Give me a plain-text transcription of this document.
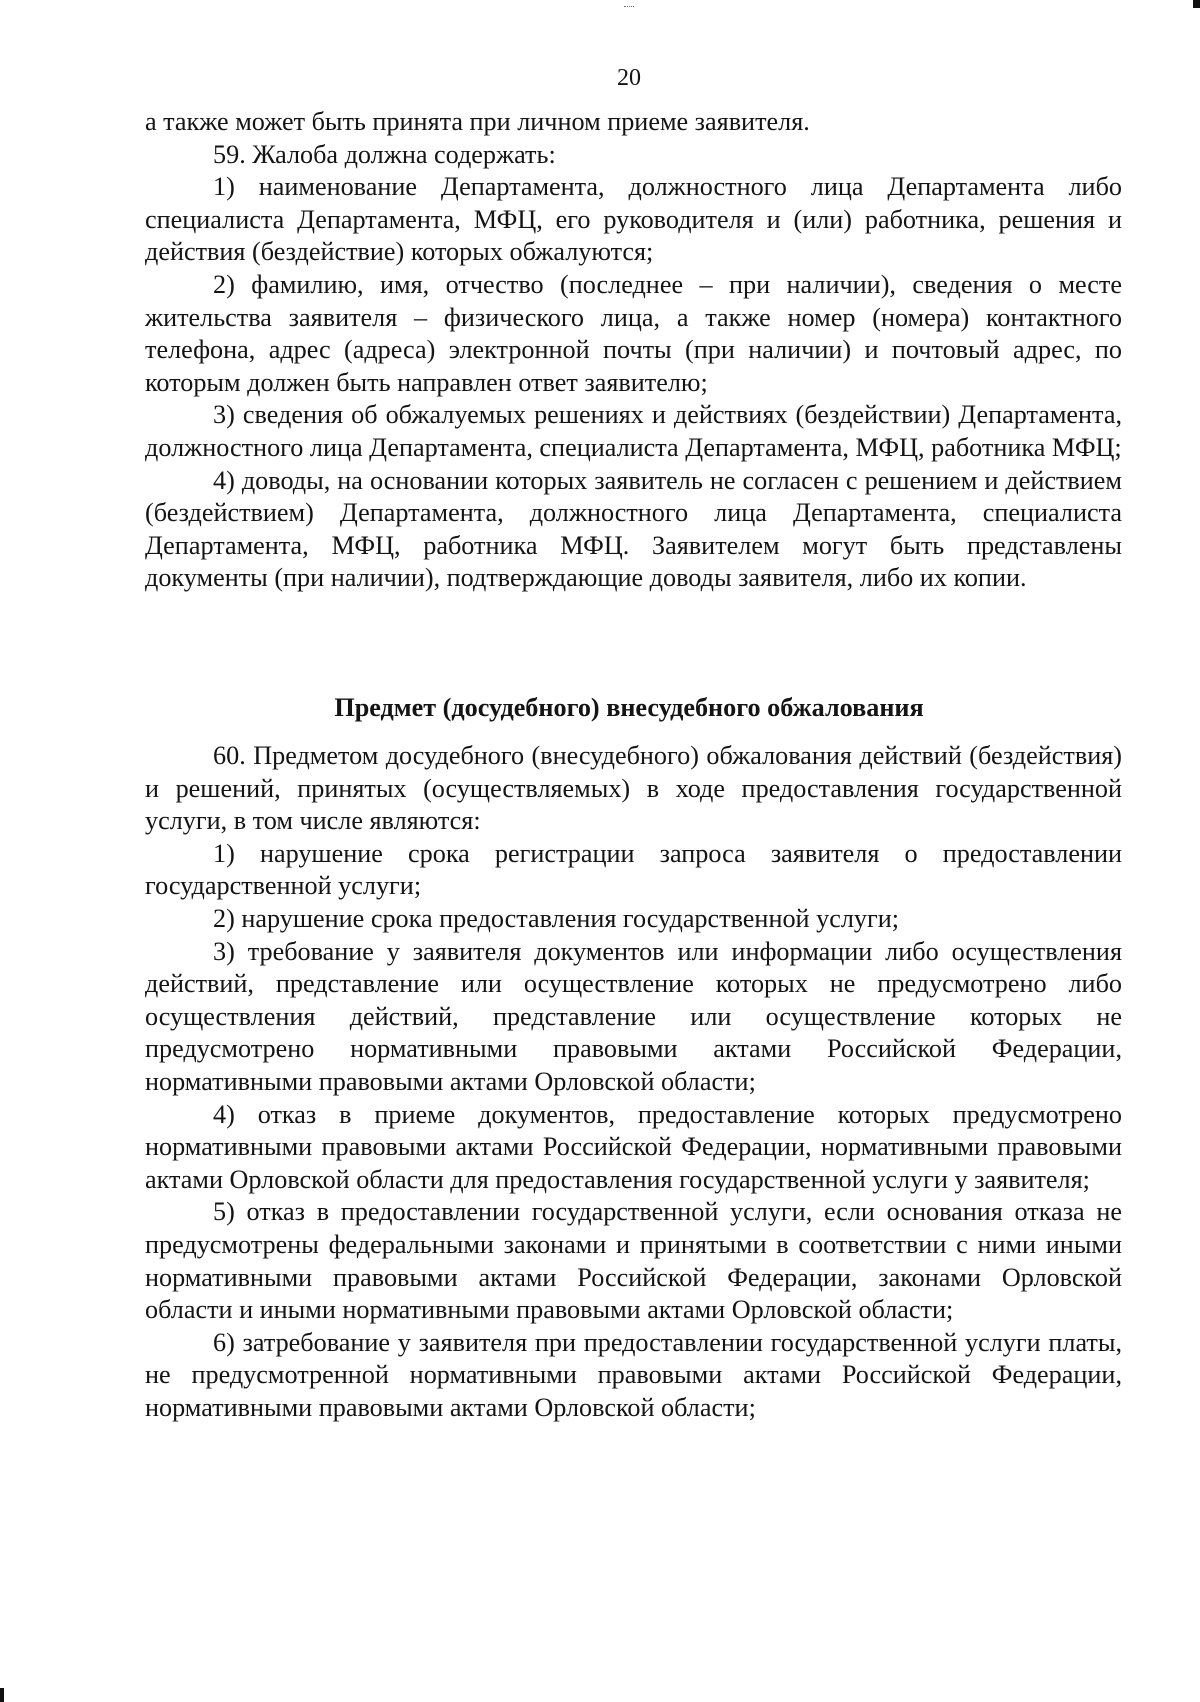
20

а также может быть принята при личном приеме заявителя.

59. Жалоба должна содержать:

1) наименование Департамента, должностного лица Департамента либо специалиста Департамента, МФЦ, его руководителя и (или) работника, решения и действия (бездействие) которых обжалуются;

2) фамилию, имя, отчество (последнее – при наличии), сведения о месте жительства заявителя – физического лица, а также номер (номера) контактного телефона, адрес (адреса) электронной почты (при наличии) и почтовый адрес, по которым должен быть направлен ответ заявителю;

3) сведения об обжалуемых решениях и действиях (бездействии) Департамента, должностного лица Департамента, специалиста Департамента, МФЦ, работника МФЦ;

4) доводы, на основании которых заявитель не согласен с решением и действием (бездействием) Департамента, должностного лица Департамента, специалиста Департамента, МФЦ, работника МФЦ. Заявителем могут быть представлены документы (при наличии), подтверждающие доводы заявителя, либо их копии.

Предмет (досудебного) внесудебного обжалования

60. Предметом досудебного (внесудебного) обжалования действий (бездействия) и решений, принятых (осуществляемых) в ходе предоставления государственной услуги, в том числе являются:

1) нарушение срока регистрации запроса заявителя о предоставлении государственной услуги;

2) нарушение срока предоставления государственной услуги;

3) требование у заявителя документов или информации либо осуществления действий, представление или осуществление которых не предусмотрено либо осуществления действий, представление или осуществление которых не предусмотрено нормативными правовыми актами Российской Федерации, нормативными правовыми актами Орловской области;

4) отказ в приеме документов, предоставление которых предусмотрено нормативными правовыми актами Российской Федерации, нормативными правовыми актами Орловской области для предоставления государственной услуги у заявителя;

5) отказ в предоставлении государственной услуги, если основания отказа не предусмотрены федеральными законами и принятыми в соответствии с ними иными нормативными правовыми актами Российской Федерации, законами Орловской области и иными нормативными правовыми актами Орловской области;

6) затребование у заявителя при предоставлении государственной услуги платы, не предусмотренной нормативными правовыми актами Российской Федерации, нормативными правовыми актами Орловской области;
